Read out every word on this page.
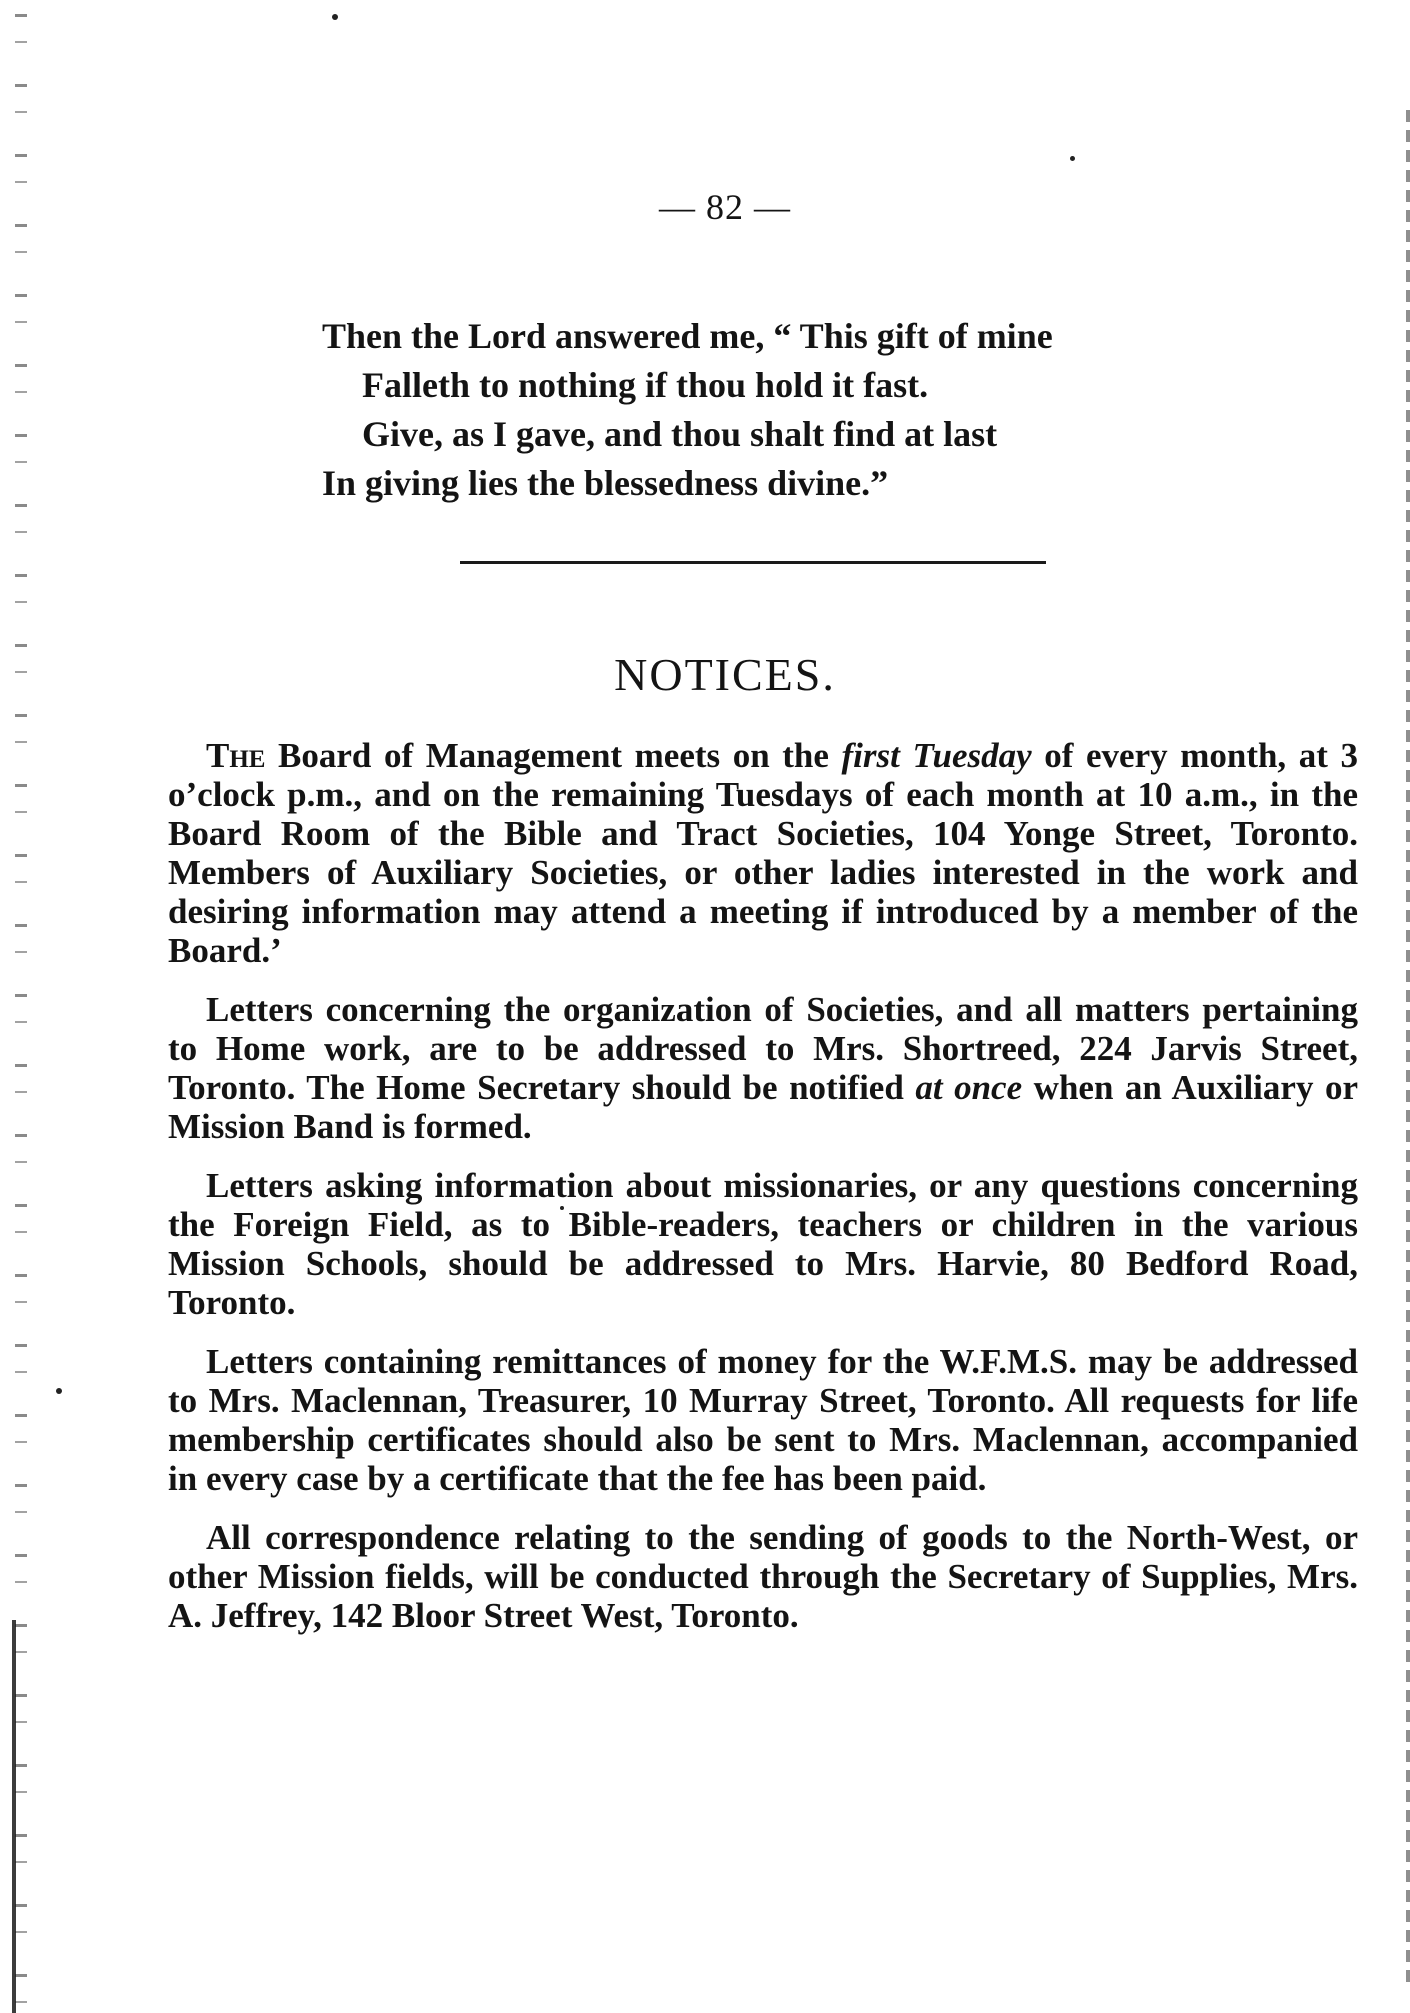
— 82 —
Then the Lord answered me, “ This gift of mine
Falleth to nothing if thou hold it fast.
Give, as I gave, and thou shalt find at last
In giving lies the blessedness divine.”
NOTICES.

The Board of Management meets on the first Tuesday of every month, at 3 o’clock p.m., and on the remaining Tuesdays of each month at 10 a.m., in the Board Room of the Bible and Tract Societies, 104 Yonge Street, Toronto. Members of Auxiliary Societies, or other ladies interested in the work and desiring information may attend a meeting if introduced by a member of the Board.’

Letters concerning the organization of Societies, and all matters pertaining to Home work, are to be addressed to Mrs. Shortreed, 224 Jarvis Street, Toronto. The Home Secretary should be notified at once when an Auxiliary or Mission Band is formed.

Letters asking information about missionaries, or any questions concerning the Foreign Field, as to Bible-readers, teachers or children in the various Mission Schools, should be addressed to Mrs. Harvie, 80 Bedford Road, Toronto.

Letters containing remittances of money for the W.F.M.S. may be addressed to Mrs. Maclennan, Treasurer, 10 Murray Street, Toronto. All requests for life membership certificates should also be sent to Mrs. Maclennan, accompanied in every case by a certificate that the fee has been paid.

All correspondence relating to the sending of goods to the North-West, or other Mission fields, will be conducted through the Secretary of Supplies, Mrs. A. Jeffrey, 142 Bloor Street West, Toronto.
